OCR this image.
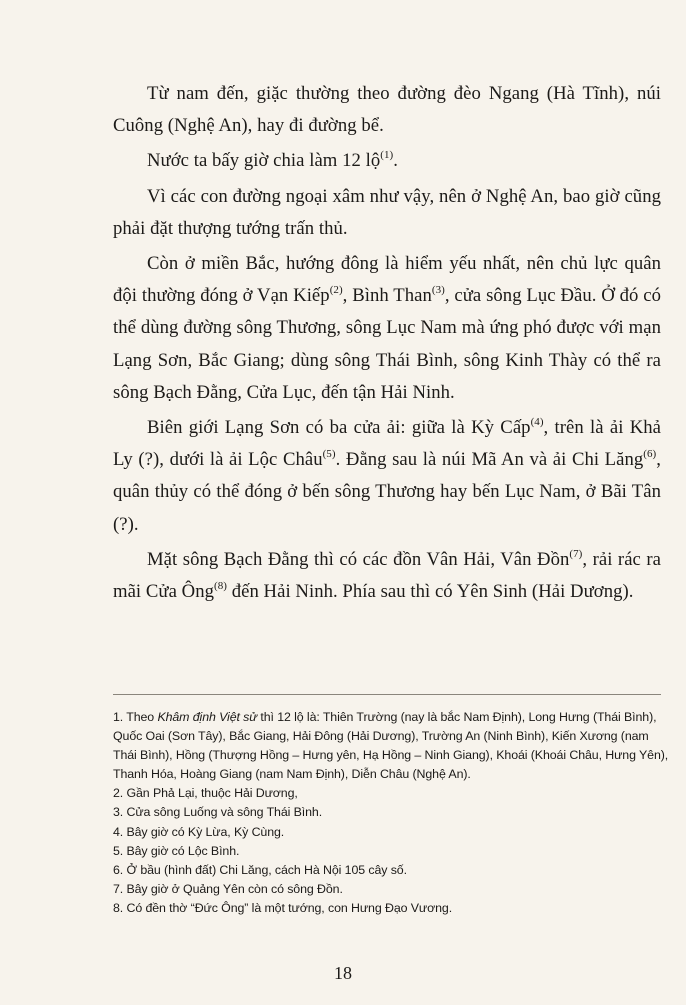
Từ nam đến, giặc thường theo đường đèo Ngang (Hà Tĩnh), núi Cuông (Nghệ An), hay đi đường bể.

Nước ta bấy giờ chia làm 12 lộ$^{(1)}$.

Vì các con đường ngoại xâm như vậy, nên ở Nghệ An, bao giờ cũng phải đặt thượng tướng trấn thủ.

Còn ở miền Bắc, hướng đông là hiểm yếu nhất, nên chủ lực quân đội thường đóng ở Vạn Kiếp$^{(2)}$, Bình Than$^{(3)}$, cửa sông Lục Đầu. Ở đó có thể dùng đường sông Thương, sông Lục Nam mà ứng phó được với mạn Lạng Sơn, Bắc Giang; dùng sông Thái Bình, sông Kinh Thày có thể ra sông Bạch Đằng, Cửa Lục, đến tận Hải Ninh.

Biên giới Lạng Sơn có ba cửa ải: giữa là Kỳ Cấp$^{(4)}$, trên là ải Khả Ly (?), dưới là ải Lộc Châu$^{(5)}$. Đằng sau là núi Mã An và ải Chi Lăng$^{(6)}$, quân thủy có thể đóng ở bến sông Thương hay bến Lục Nam, ở Bãi Tân (?).

Mặt sông Bạch Đằng thì có các đồn Vân Hải, Vân Đồn$^{(7)}$, rải rác ra mãi Cửa Ông$^{(8)}$ đến Hải Ninh. Phía sau thì có Yên Sinh (Hải Dương).

1. Theo Khâm định Việt sử thì 12 lộ là: Thiên Trường (nay là bắc Nam Định), Long Hưng (Thái Bình), Quốc Oai (Sơn Tây), Bắc Giang, Hải Đông (Hải Dương), Trường An (Ninh Bình), Kiến Xương (nam Thái Bình), Hồng (Thượng Hồng – Hưng yên, Hạ Hồng – Ninh Giang), Khoái (Khoái Châu, Hưng Yên), Thanh Hóa, Hoàng Giang (nam Nam Định), Diễn Châu (Nghệ An).

2. Gần Phả Lại, thuộc Hải Dương,

3. Cửa sông Luống và sông Thái Bình.

4. Bây giờ có Kỳ Lừa, Kỳ Cùng.

5. Bây giờ có Lộc Bình.

6. Ở bầu (hình đất) Chi Lăng, cách Hà Nội 105 cây số.

7. Bây giờ ở Quảng Yên còn có sông Đồn.

8. Có đền thờ “Đức Ông” là một tướng, con Hưng Đạo Vương.

18
